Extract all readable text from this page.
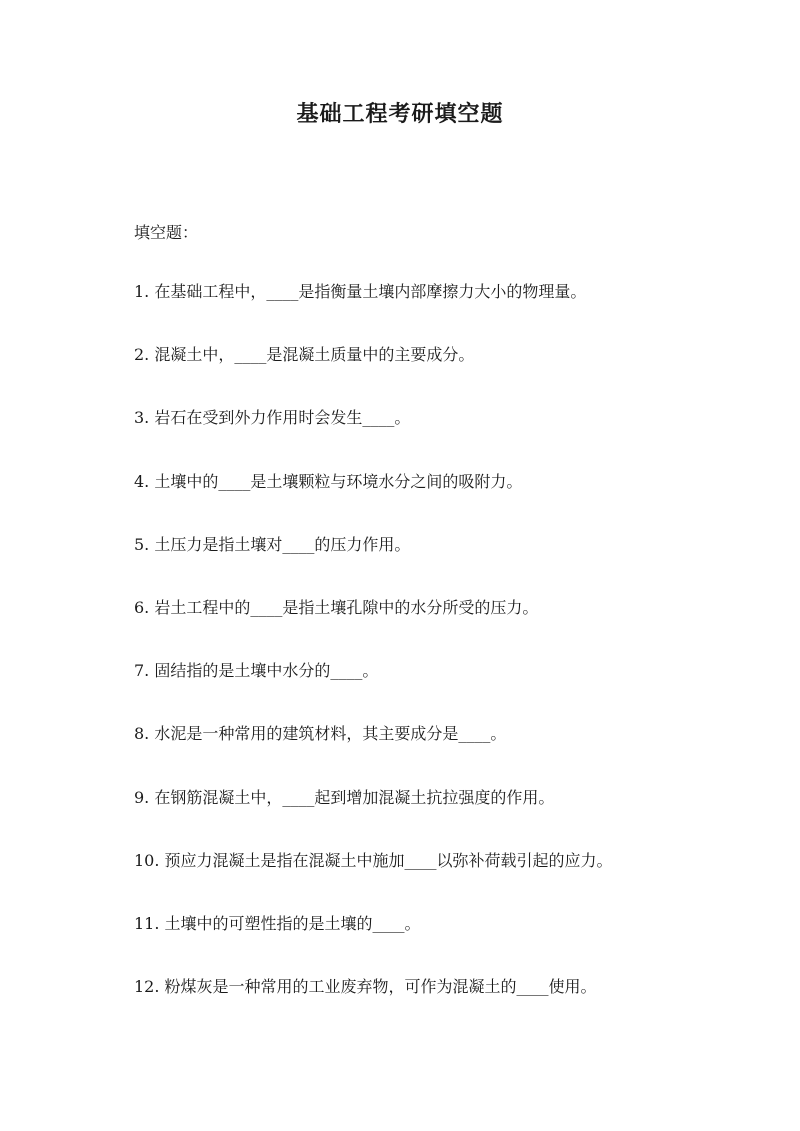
基础工程考研填空题
填空题：
1. 在基础工程中，____是指衡量土壤内部摩擦力大小的物理量。
2. 混凝土中，____是混凝土质量中的主要成分。
3. 岩石在受到外力作用时会发生____。
4. 土壤中的____是土壤颗粒与环境水分之间的吸附力。
5. 土压力是指土壤对____的压力作用。
6. 岩土工程中的____是指土壤孔隙中的水分所受的压力。
7. 固结指的是土壤中水分的____。
8. 水泥是一种常用的建筑材料，其主要成分是____。
9. 在钢筋混凝土中，____起到增加混凝土抗拉强度的作用。
10. 预应力混凝土是指在混凝土中施加____以弥补荷载引起的应力。
11. 土壤中的可塑性指的是土壤的____。
12. 粉煤灰是一种常用的工业废弃物，可作为混凝土的____使用。
